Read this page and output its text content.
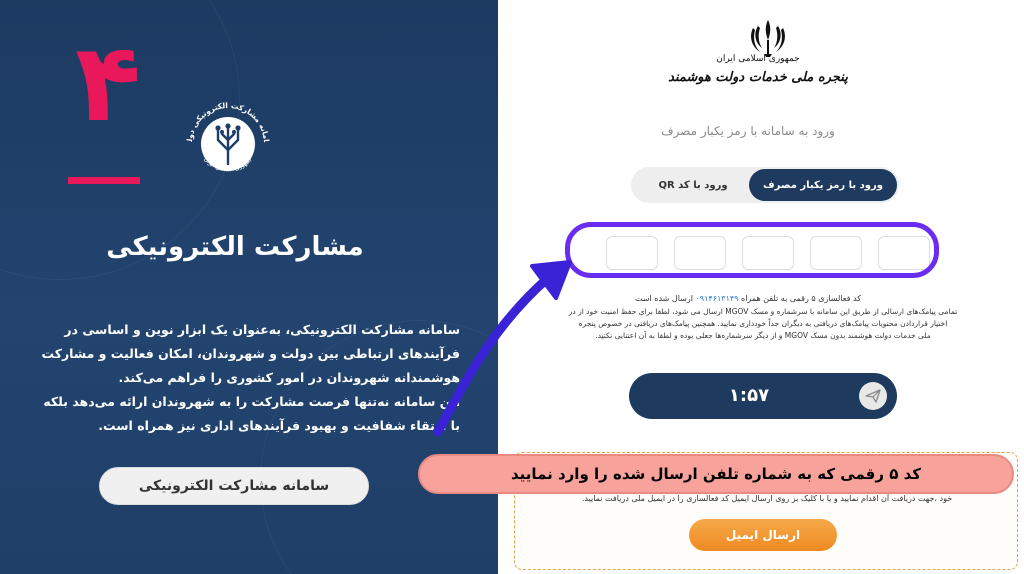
۴	امانه مشارکت الکترونیکی دول
جمهوری اسلامی ایران
مشارکت الکترونیکی

سامانه مشارکت الکترونیکی، به‌عنوان یک ابزار نوین و اساسی در

فرآیندهای ارتباطی بین دولت و شهروندان، امکان فعالیت و مشارکت

هوشمندانه شهروندان در امور کشوری را فراهم می‌کند.

این سامانه نه‌تنها فرصت مشارکت را به شهروندان ارائه می‌دهد بلکه

با ارتقاء شفافیت و بهبود فرآیندهای اداری نیز همراه است.

سامانه مشارکت الکترونیکی
جمهوری اسلامی ایران
پنجره ملی خدمات دولت هوشمند
ورود به سامانه با رمز یکبار مصرف
ورود با رمز یکبار مصرف
ورود با کد QR
کد فعالسازی ۵ رقمی به تلفن همراه ۰۹۱۴۶۱۳۱۴۹ ارسال شده است
تمامی پیامک‌های ارسالی از طریق این سامانه با سرشماره و مسک MGOV ارسال می شود، لطفا برای حفظ امنیت خود از در
اختیار قراردادن محتویات پیامک‌های دریافتی به دیگران جداً خودداری نمایید. همچنین پیامک‌های دریافتی در خصوص پنجره
ملی خدمات دولت هوشمند بدون مسک MGOV و از دیگر سرشماره‌ها جعلی بوده و لطفا به آن اعتنایی نکنید.
۱:۵۷
خود ،جهت دریافت آن اقدام نمایید و یا با کلیک بر روی ارسال ایمیل کد فعالسازی را در ایمیل ملی دریافت نمایید.
ارسال ایمیل
کد ۵ رقمی که به شماره تلفن ارسال شده را وارد نمایید
